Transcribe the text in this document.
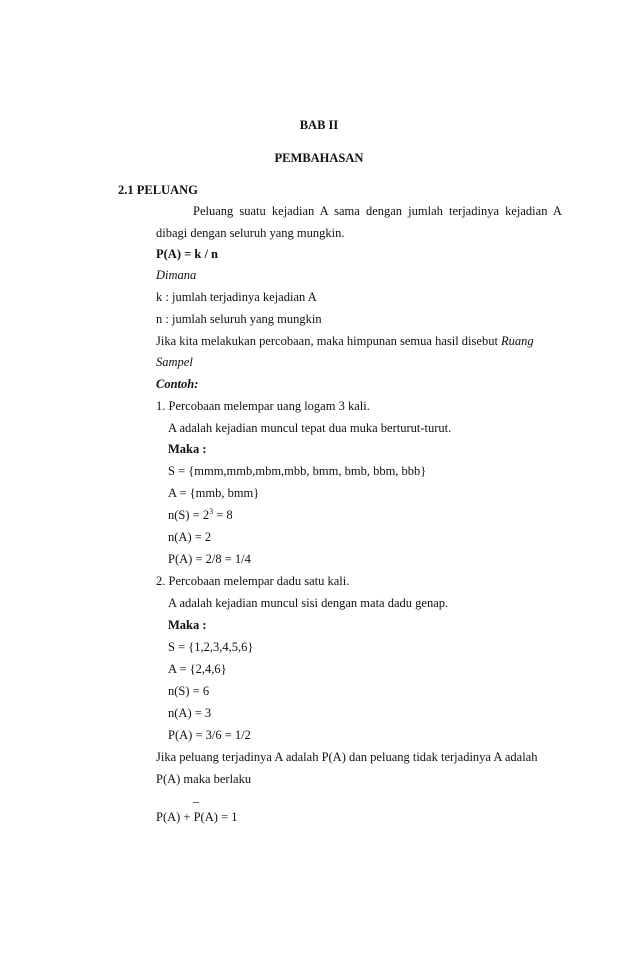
BAB II
PEMBAHASAN
2.1 PELUANG
Peluang suatu kejadian A sama dengan jumlah terjadinya kejadian A
dibagi dengan seluruh yang mungkin.
P(A) = k / n
Dimana
k : jumlah terjadinya kejadian A
n : jumlah seluruh yang mungkin
Jika kita melakukan percobaan, maka himpunan semua hasil disebut Ruang
Sampel
Contoh:
1. Percobaan melempar uang logam 3 kali.
A adalah kejadian muncul tepat dua muka berturut-turut.
Maka :
S = {mmm,mmb,mbm,mbb, bmm, bmb, bbm, bbb}
A = {mmb, bmm}
$n(S) = 2^3 = 8$
n(A) = 2
P(A) = 2/8 = 1/4
2. Percobaan melempar dadu satu kali.
A adalah kejadian muncul sisi dengan mata dadu genap.
Maka :
S = {1,2,3,4,5,6}
A = {2,4,6}
n(S) = 6
n(A) = 3
P(A) = 3/6 = 1/2
Jika peluang terjadinya A adalah P(A) dan peluang tidak terjadinya A adalah
P(A) maka berlaku
_
P(A) + P(A) = 1
